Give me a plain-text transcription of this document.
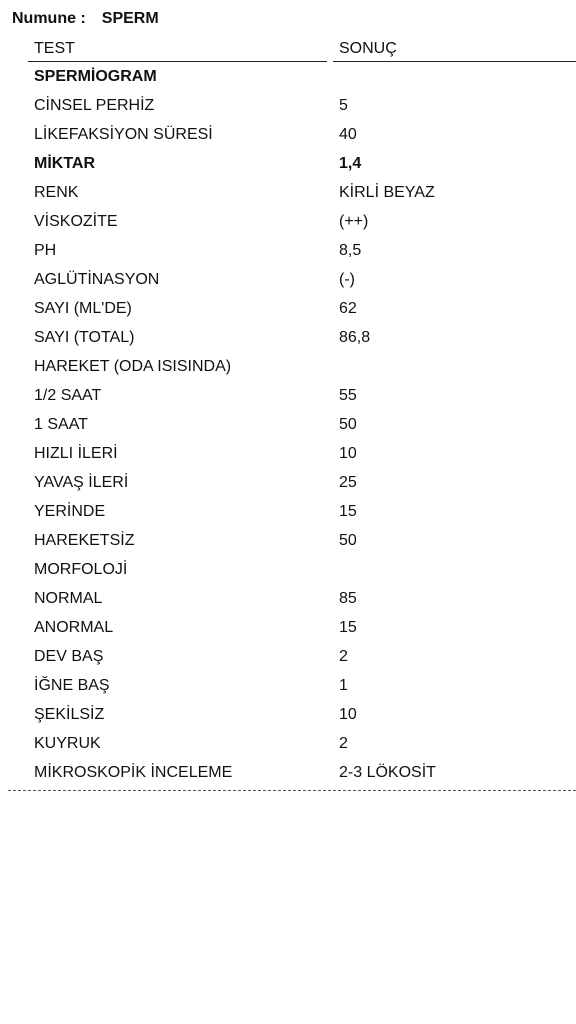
Numune : SPERM
TEST	SONUÇ
SPERMİOGRAM
CİNSEL PERHİZ	5
LİKEFAKSİYON SÜRESİ	40
MİKTAR	1,4
RENK	KİRLİ BEYAZ
VİSKOZİTE	(++)
PH	8,5
AGLÜTİNASYON	(-)
SAYI (ML'DE)	62
SAYI (TOTAL)	86,8
HAREKET (ODA ISISINDA)
1/2 SAAT	55
1 SAAT	50
HIZLI İLERİ	10
YAVAŞ İLERİ	25
YERİNDE	15
HAREKETSİZ	50
MORFOLOJİ
NORMAL	85
ANORMAL	15
DEV BAŞ	2
İĞNE BAŞ	1
ŞEKİLSİZ	10
KUYRUK	2
MİKROSKOPİK İNCELEME	2-3 LÖKOSİT
